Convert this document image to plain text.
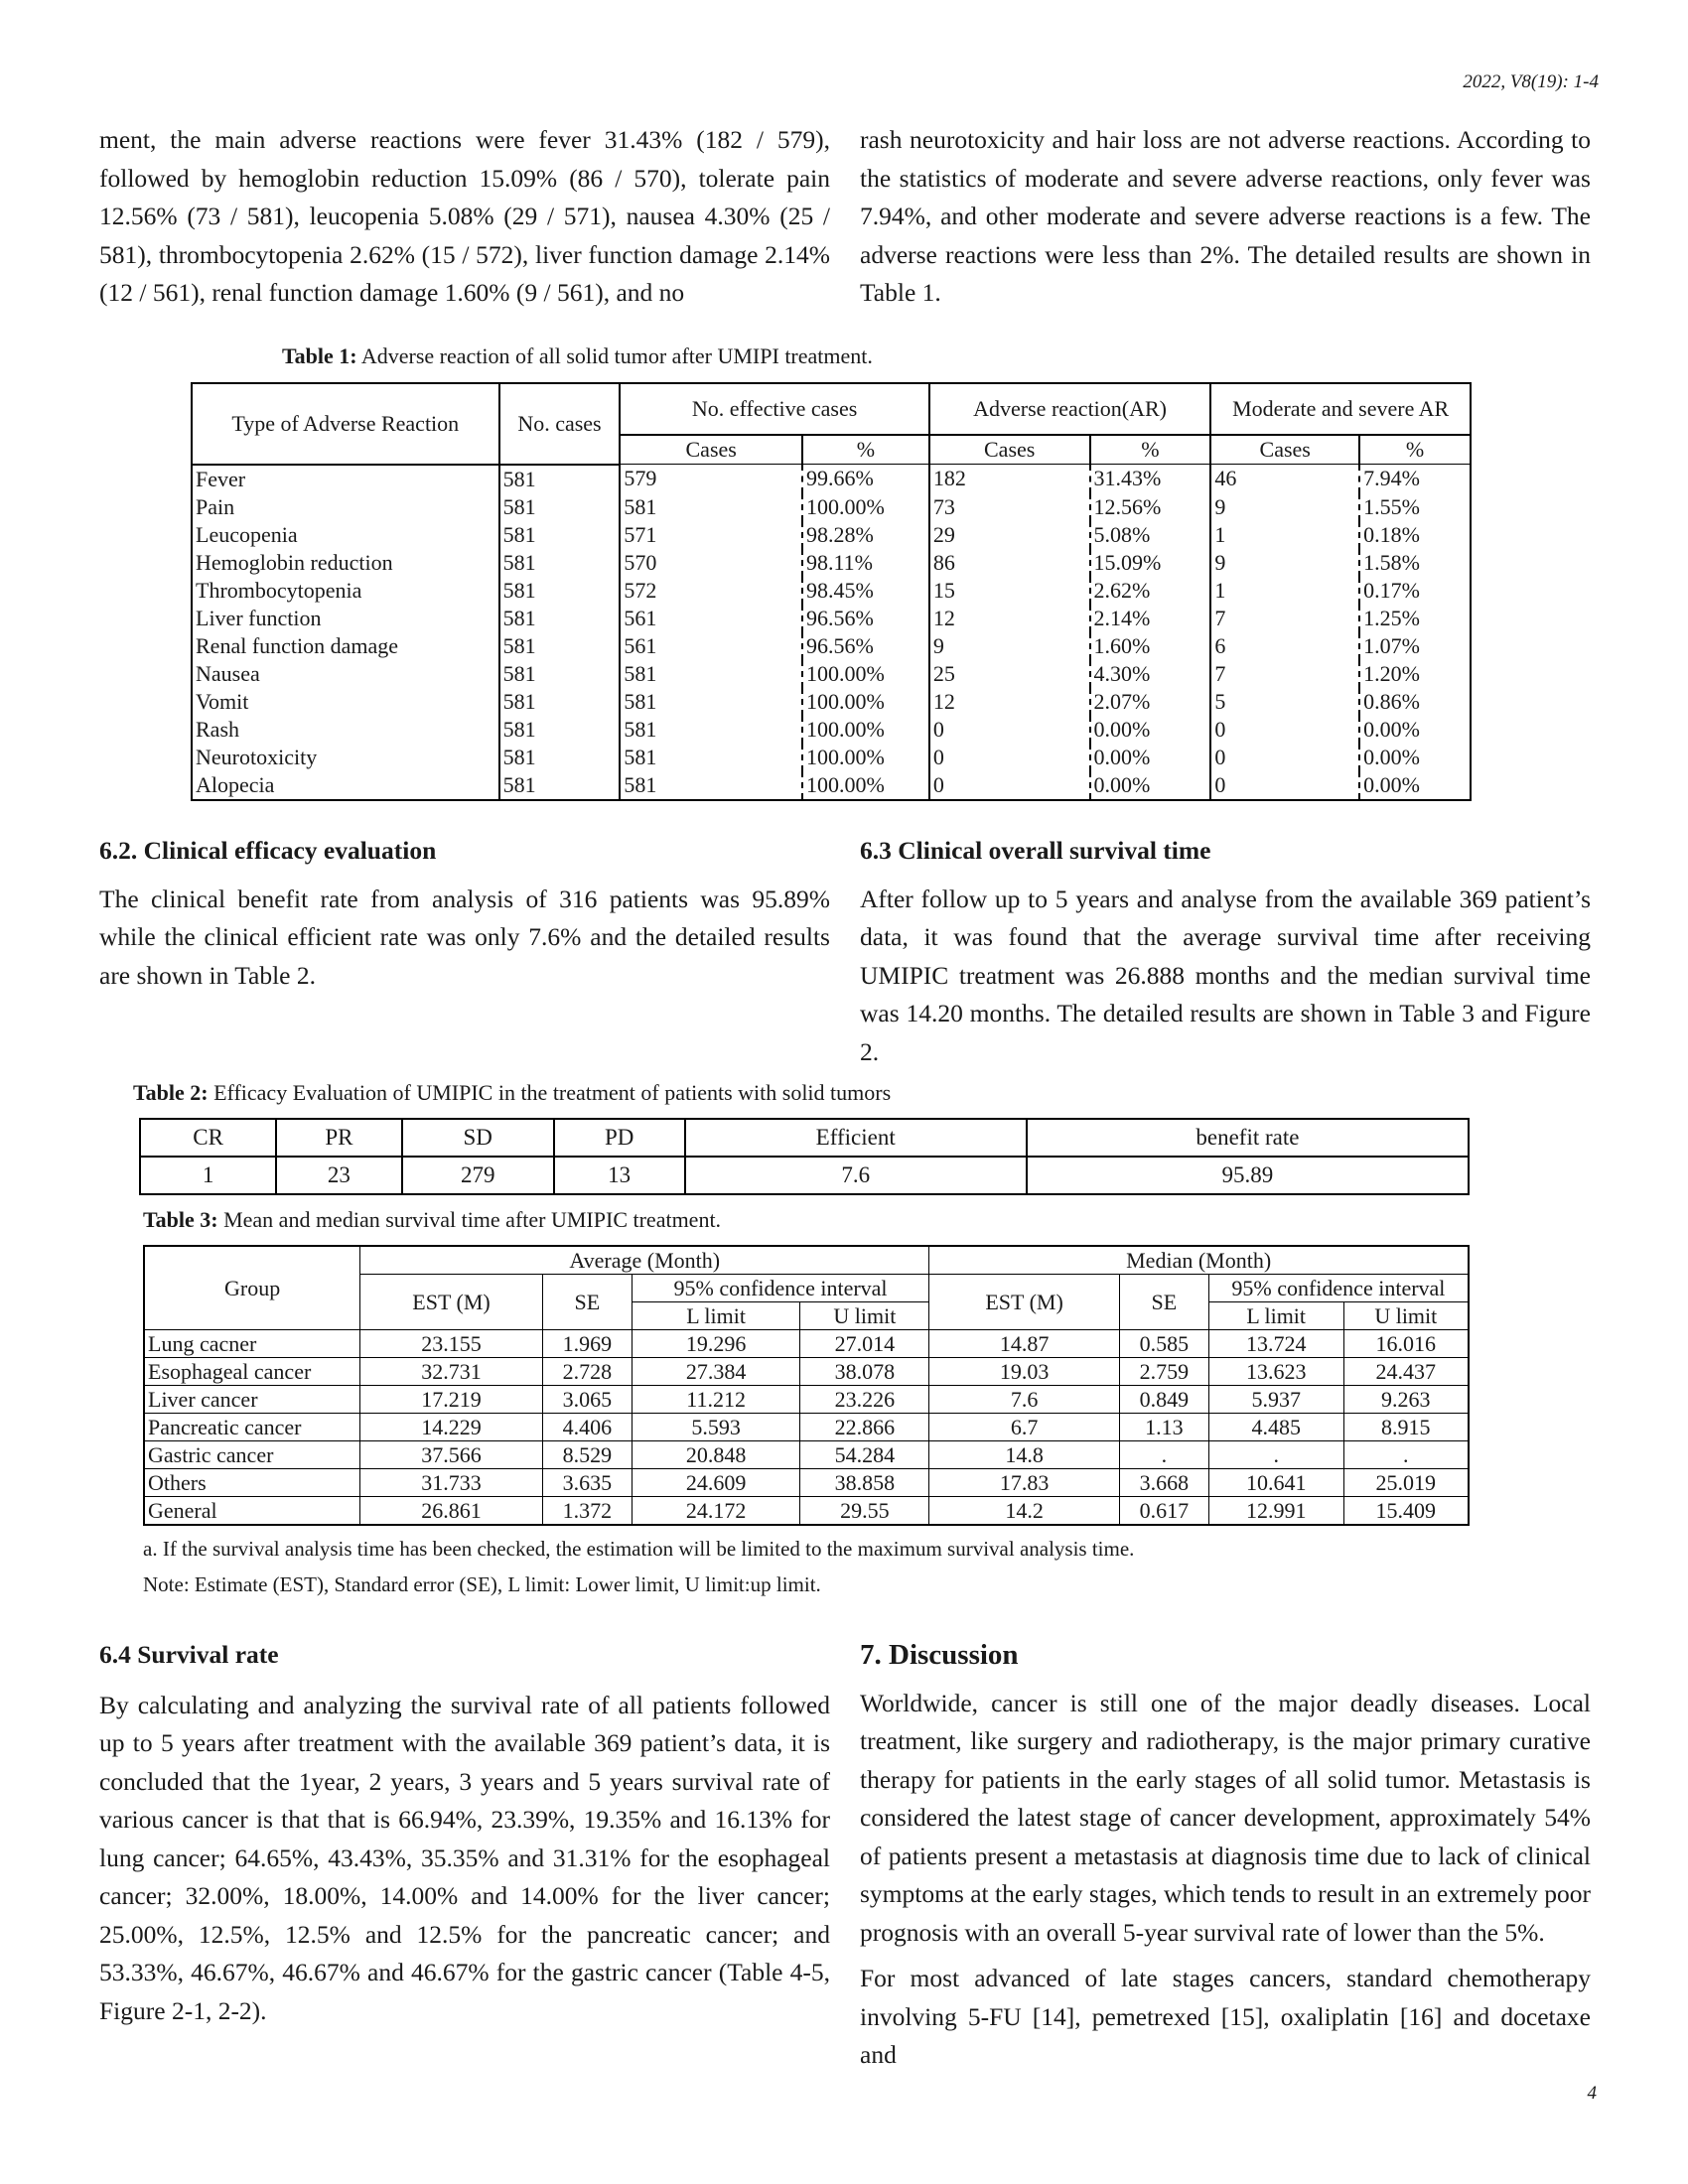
2022, V8(19): 1-4

ment, the main adverse reactions were fever 31.43% (182 / 579), followed by hemoglobin reduction 15.09% (86 / 570), tolerate pain 12.56% (73 / 581), leucopenia 5.08% (29 / 571), nausea 4.30% (25 / 581), thrombocytopenia 2.62% (15 / 572), liver function damage 2.14% (12 / 561), renal function damage 1.60% (9 / 561), and no

rash neurotoxicity and hair loss are not adverse reactions. According to the statistics of moderate and severe adverse reactions, only fever was 7.94%, and other moderate and severe adverse reactions is a few. The adverse reactions were less than 2%. The detailed results are shown in Table 1.

Table 1: Adverse reaction of all solid tumor after UMIPI treatment.
Type of Adverse Reaction	No. cases	No. effective cases		Adverse reaction(AR)		Moderate and severe AR	
		Cases	%	Cases	%	Cases	%
Fever	581	579	99.66%	182	31.43%	46	7.94%
Pain	581	581	100.00%	73	12.56%	9	1.55%
Leucopenia	581	571	98.28%	29	5.08%	1	0.18%
Hemoglobin reduction	581	570	98.11%	86	15.09%	9	1.58%
Thrombocytopenia	581	572	98.45%	15	2.62%	1	0.17%
Liver function	581	561	96.56%	12	2.14%	7	1.25%
Renal function damage	581	561	96.56%	9	1.60%	6	1.07%
Nausea	581	581	100.00%	25	4.30%	7	1.20%
Vomit	581	581	100.00%	12	2.07%	5	0.86%
Rash	581	581	100.00%	0	0.00%	0	0.00%
Neurotoxicity	581	581	100.00%	0	0.00%	0	0.00%
Alopecia	581	581	100.00%	0	0.00%	0	0.00%
6.2. Clinical efficacy evaluation

The clinical benefit rate from analysis of 316 patients was 95.89% while the clinical efficient rate was only 7.6% and the detailed results are shown in Table 2.

6.3 Clinical overall survival time

After follow up to 5 years and analyse from the available 369 patient’s data, it was found that the average survival time after receiving UMIPIC treatment was 26.888 months and the median survival time was 14.20 months. The detailed results are shown in Table 3 and Figure 2.

Table 2: Efficacy Evaluation of UMIPIC in the treatment of patients with solid tumors
CR	PR	SD	PD	Efficient	benefit rate
1	23	279	13	7.6	95.89
Table 3: Mean and median survival time after UMIPIC treatment.
Group	Average (Month)				Median (Month)			
	EST (M)	SE	95% confidence interval		EST (M)	SE	95% confidence interval	
			L limit	U limit			L limit	U limit
Lung cacner	23.155	1.969	19.296	27.014	14.87	0.585	13.724	16.016
Esophageal cancer	32.731	2.728	27.384	38.078	19.03	2.759	13.623	24.437
Liver cancer	17.219	3.065	11.212	23.226	7.6	0.849	5.937	9.263
Pancreatic cancer	14.229	4.406	5.593	22.866	6.7	1.13	4.485	8.915
Gastric cancer	37.566	8.529	20.848	54.284	14.8	.	.	.
Others	31.733	3.635	24.609	38.858	17.83	3.668	10.641	25.019
General	26.861	1.372	24.172	29.55	14.2	0.617	12.991	15.409
a. If the survival analysis time has been checked, the estimation will be limited to the maximum survival analysis time.
Note: Estimate (EST), Standard error (SE), L limit: Lower limit, U limit:up limit.
6.4 Survival rate

By calculating and analyzing the survival rate of all patients followed up to 5 years after treatment with the available 369 patient’s data, it is concluded that the 1year, 2 years, 3 years and 5 years survival rate of various cancer is that that is 66.94%, 23.39%, 19.35% and 16.13% for lung cancer; 64.65%, 43.43%, 35.35% and 31.31% for the esophageal cancer; 32.00%, 18.00%, 14.00% and 14.00% for the liver cancer; 25.00%, 12.5%, 12.5% and 12.5% for the pancreatic cancer; and 53.33%, 46.67%, 46.67% and 46.67% for the gastric cancer (Table 4-5, Figure 2-1, 2-2).

7. Discussion

Worldwide, cancer is still one of the major deadly diseases. Local treatment, like surgery and radiotherapy, is the major primary curative therapy for patients in the early stages of all solid tumor. Metastasis is considered the latest stage of cancer development, approximately 54% of patients present a metastasis at diagnosis time due to lack of clinical symptoms at the early stages, which tends to result in an extremely poor prognosis with an overall 5-year survival rate of lower than the 5%.

For most advanced of late stages cancers, standard chemotherapy involving 5-FU [14], pemetrexed [15], oxaliplatin [16] and docetaxe and

4
